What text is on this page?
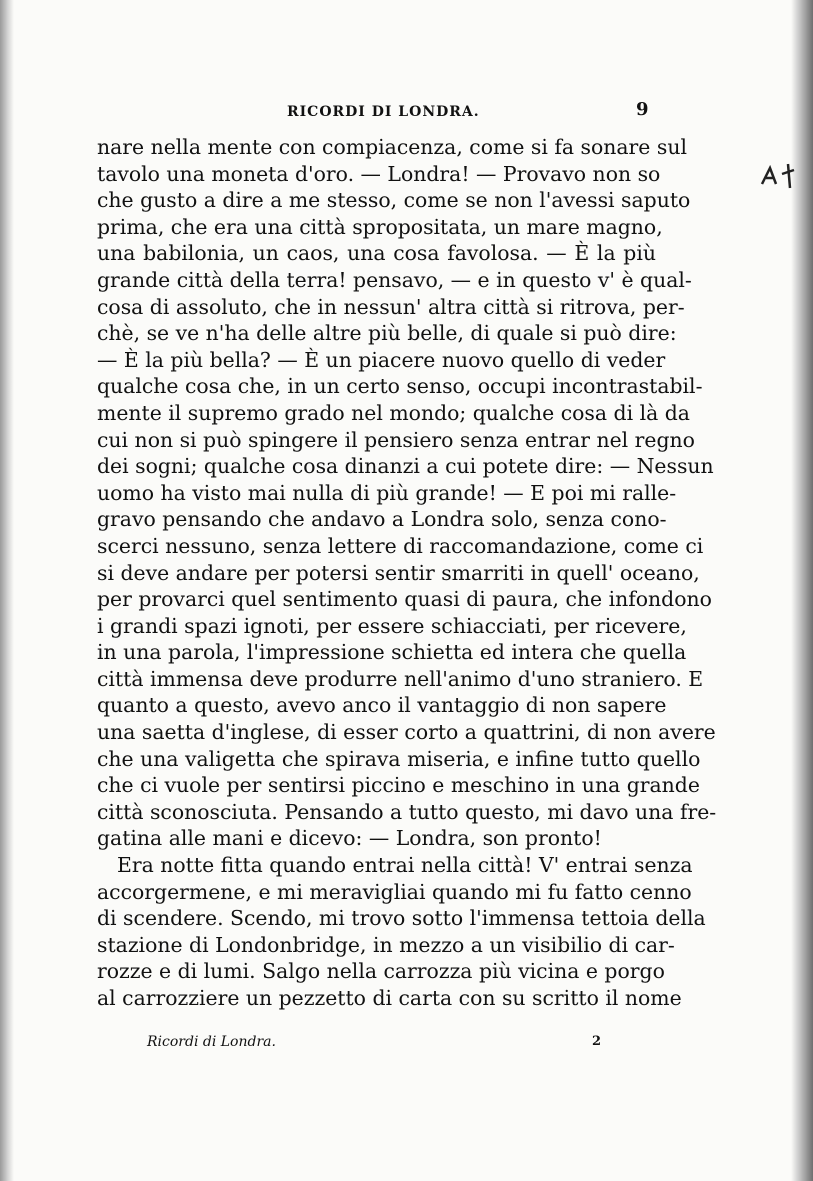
RICORDI DI LONDRA.	9
nare nella mente con compiacenza, come si fa sonare sul
tavolo una moneta d'oro. — Londra! — Provavo non so
che gusto a dire a me stesso, come se non l'avessi saputo
prima, che era una città spropositata, un mare magno,
una babilonia, un caos, una cosa favolosa. — È la più
grande città della terra! pensavo, — e in questo v' è qual-
cosa di assoluto, che in nessun' altra città si ritrova, per-
chè, se ve n'ha delle altre più belle, di quale si può dire:
— È la più bella? — È un piacere nuovo quello di veder
qualche cosa che, in un certo senso, occupi incontrastabil-
mente il supremo grado nel mondo; qualche cosa di là da
cui non si può spingere il pensiero senza entrar nel regno
dei sogni; qualche cosa dinanzi a cui potete dire: — Nessun
uomo ha visto mai nulla di più grande! — E poi mi ralle-
gravo pensando che andavo a Londra solo, senza cono-
scerci nessuno, senza lettere di raccomandazione, come ci
si deve andare per potersi sentir smarriti in quell' oceano,
per provarci quel sentimento quasi di paura, che infondono
i grandi spazi ignoti, per essere schiacciati, per ricevere,
in una parola, l'impressione schietta ed intera che quella
città immensa deve produrre nell'animo d'uno straniero. E
quanto a questo, avevo anco il vantaggio di non sapere
una saetta d'inglese, di esser corto a quattrini, di non avere
che una valigetta che spirava miseria, e infine tutto quello
che ci vuole per sentirsi piccino e meschino in una grande
città sconosciuta. Pensando a tutto questo, mi davo una fre-
gatina alle mani e dicevo: — Londra, son pronto!
Era notte fitta quando entrai nella città! V' entrai senza
accorgermene, e mi meravigliai quando mi fu fatto cenno
di scendere. Scendo, mi trovo sotto l'immensa tettoia della
stazione di Londonbridge, in mezzo a un visibilio di car-
rozze e di lumi. Salgo nella carrozza più vicina e porgo
al carrozziere un pezzetto di carta con su scritto il nome
Ricordi di Londra.	2
